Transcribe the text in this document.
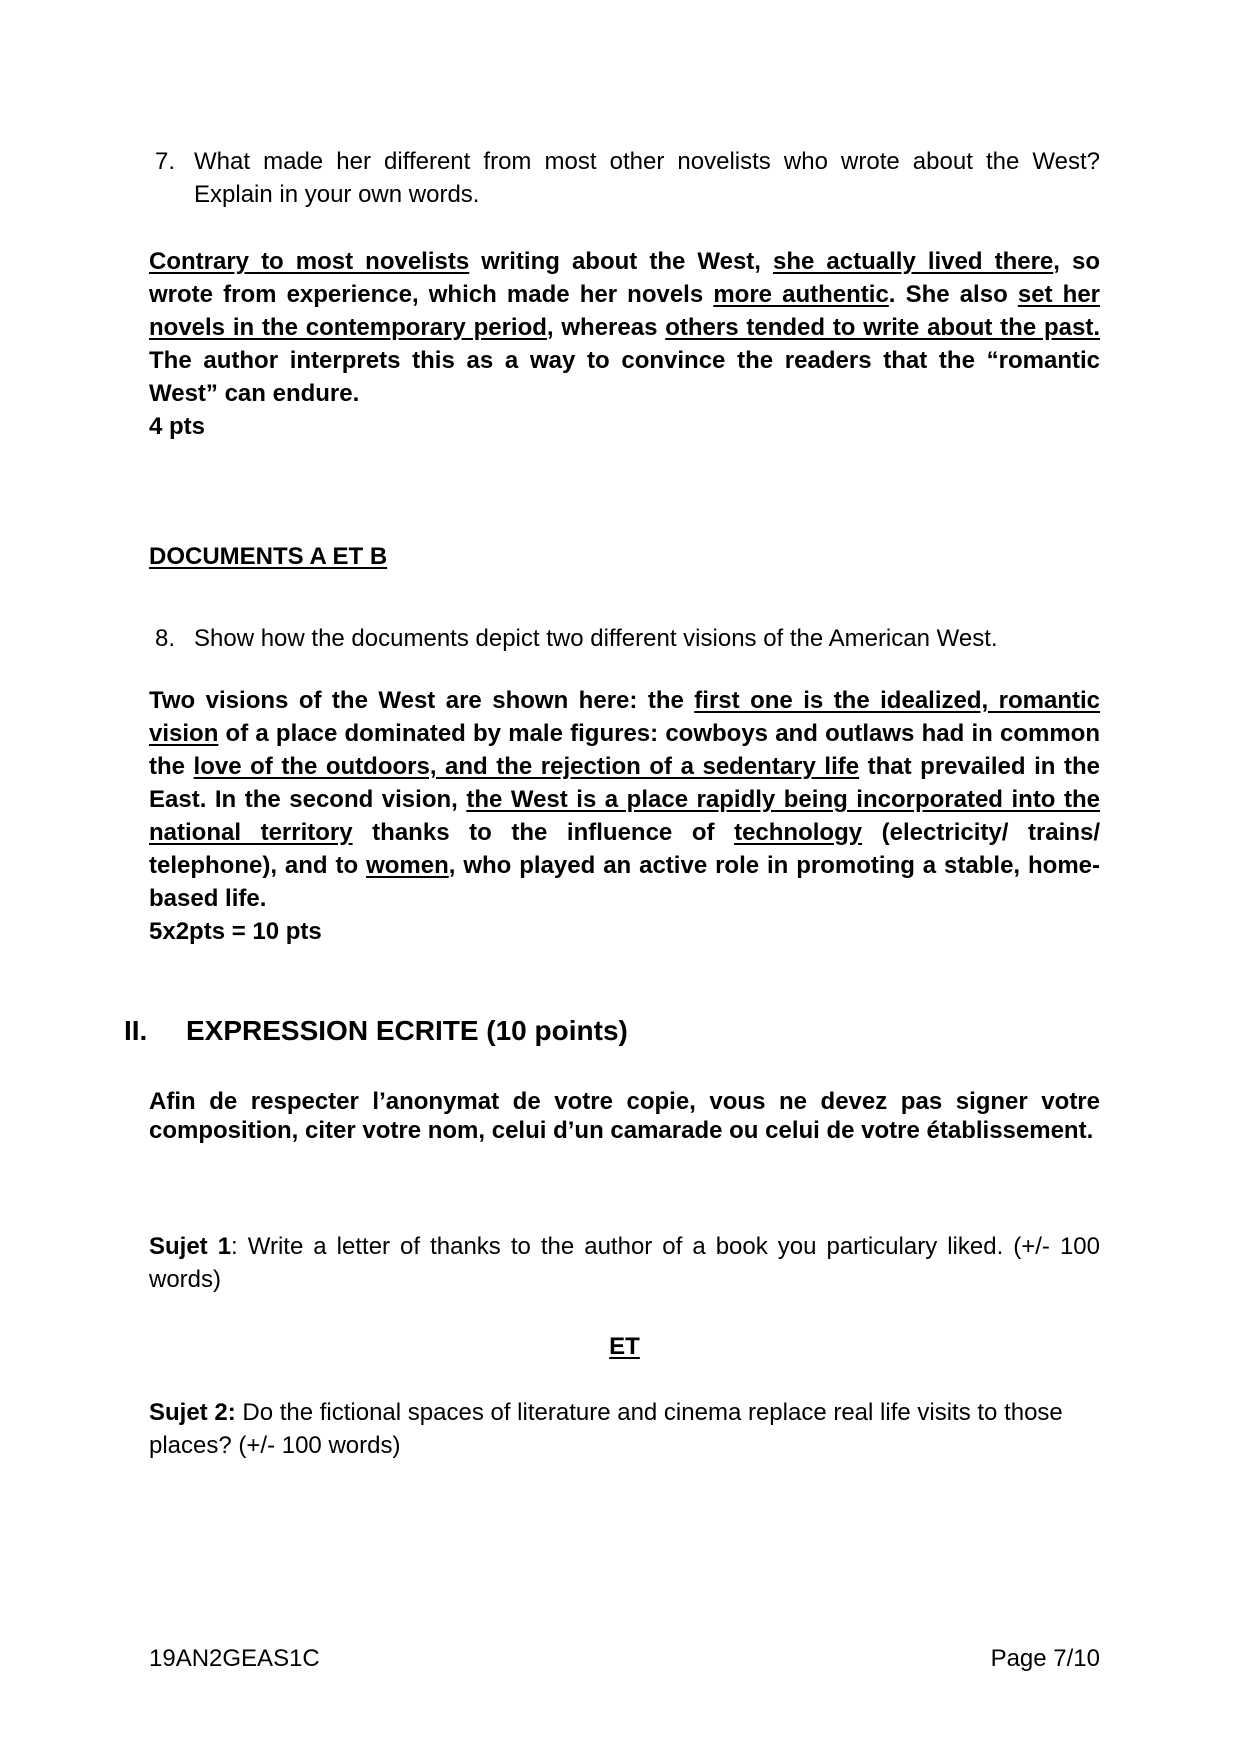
7. What made her different from most other novelists who wrote about the West? Explain in your own words.
Contrary to most novelists writing about the West, she actually lived there, so wrote from experience, which made her novels more authentic. She also set her novels in the contemporary period, whereas others tended to write about the past. The author interprets this as a way to convince the readers that the “romantic West” can endure.
4 pts
DOCUMENTS A ET B
8. Show how the documents depict two different visions of the American West.
Two visions of the West are shown here: the first one is the idealized, romantic vision of a place dominated by male figures: cowboys and outlaws had in common the love of the outdoors, and the rejection of a sedentary life that prevailed in the East. In the second vision, the West is a place rapidly being incorporated into the national territory thanks to the influence of technology (electricity/ trains/ telephone), and to women, who played an active role in promoting a stable, home-based life.
5x2pts = 10 pts
II. EXPRESSION ECRITE (10 points)
Afin de respecter l’anonymat de votre copie, vous ne devez pas signer votre composition, citer votre nom, celui d’un camarade ou celui de votre établissement.
Sujet 1: Write a letter of thanks to the author of a book you particulary liked. (+/- 100 words)
ET
Sujet 2: Do the fictional spaces of literature and cinema replace real life visits to those places? (+/- 100 words)
19AN2GEAS1C	Page 7/10
